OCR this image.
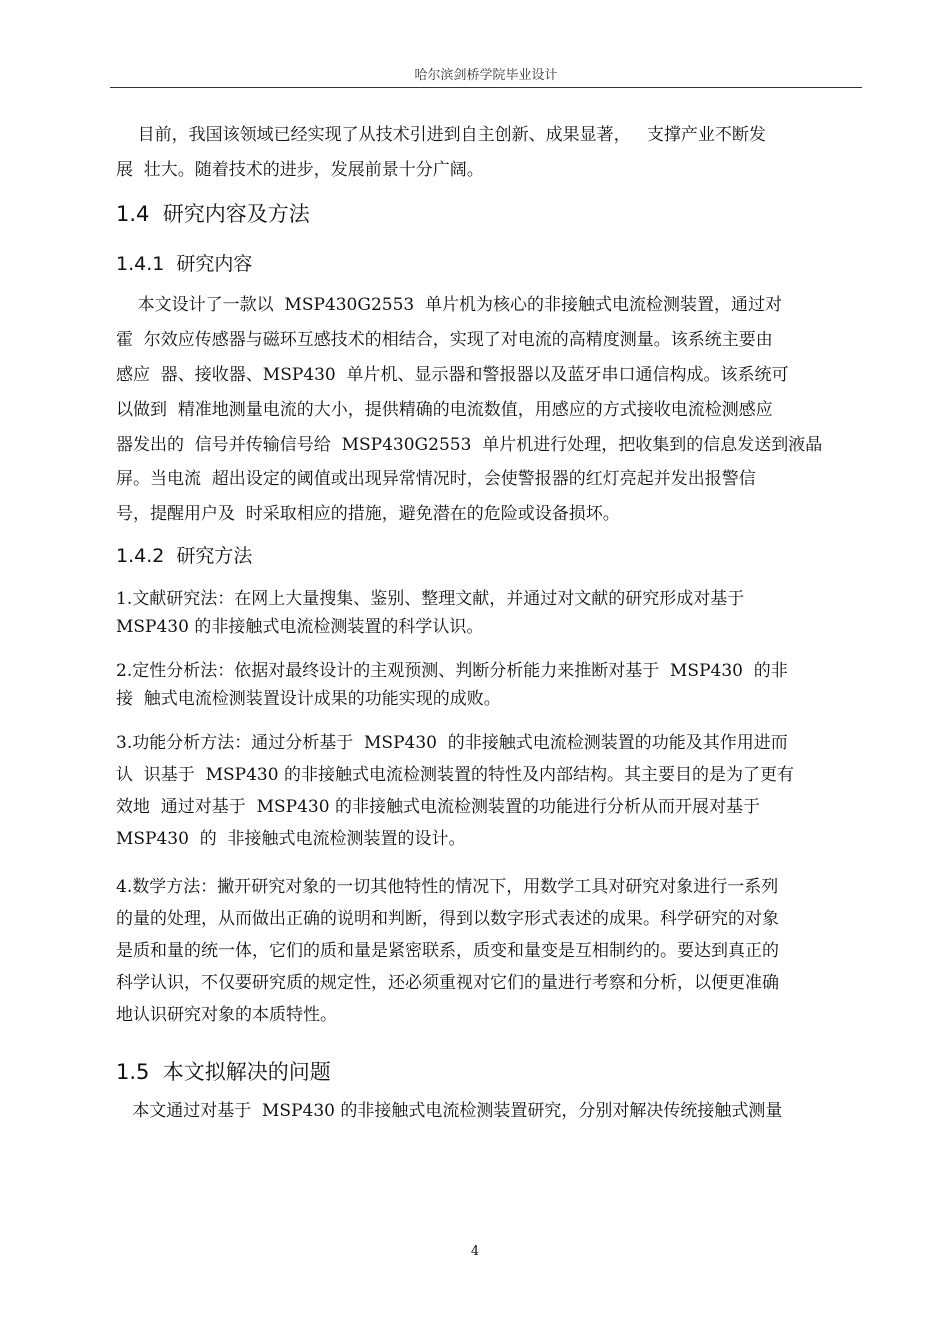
哈尔滨剑桥学院毕业设计
目前，我国该领域已经实现了从技术引进到自主创新、成果显著，   支撑产业不断发
展  壮大。随着技术的进步，发展前景十分广阔。
1.4  研究内容及方法
1.4.1  研究内容
本文设计了一款以  MSP430G2553  单片机为核心的非接触式电流检测装置，通过对
霍  尔效应传感器与磁环互感技术的相结合，实现了对电流的高精度测量。该系统主要由
感应  器、接收器、MSP430  单片机、显示器和警报器以及蓝牙串口通信构成。该系统可
以做到  精准地测量电流的大小，提供精确的电流数值，用感应的方式接收电流检测感应
器发出的  信号并传输信号给  MSP430G2553  单片机进行处理，把收集到的信息发送到液晶
屏。当电流  超出设定的阈值或出现异常情况时，会使警报器的红灯亮起并发出报警信
号，提醒用户及  时采取相应的措施，避免潜在的危险或设备损坏。
1.4.2  研究方法
1.文献研究法：在网上大量搜集、鉴别、整理文献，并通过对文献的研究形成对基于
MSP430 的非接触式电流检测装置的科学认识。
2.定性分析法：依据对最终设计的主观预测、判断分析能力来推断对基于  MSP430  的非
接  触式电流检测装置设计成果的功能实现的成败。
3.功能分析方法：通过分析基于  MSP430  的非接触式电流检测装置的功能及其作用进而
认  识基于  MSP430 的非接触式电流检测装置的特性及内部结构。其主要目的是为了更有
效地  通过对基于  MSP430 的非接触式电流检测装置的功能进行分析从而开展对基于
MSP430  的  非接触式电流检测装置的设计。
4.数学方法：撇开研究对象的一切其他特性的情况下，用数学工具对研究对象进行一系列
的量的处理，从而做出正确的说明和判断，得到以数字形式表述的成果。科学研究的对象
是质和量的统一体，它们的质和量是紧密联系，质变和量变是互相制约的。要达到真正的
科学认识，不仅要研究质的规定性，还必须重视对它们的量进行考察和分析，以便更准确
地认识研究对象的本质特性。
1.5  本文拟解决的问题
本文通过对基于  MSP430 的非接触式电流检测装置研究，分别对解决传统接触式测量
4
